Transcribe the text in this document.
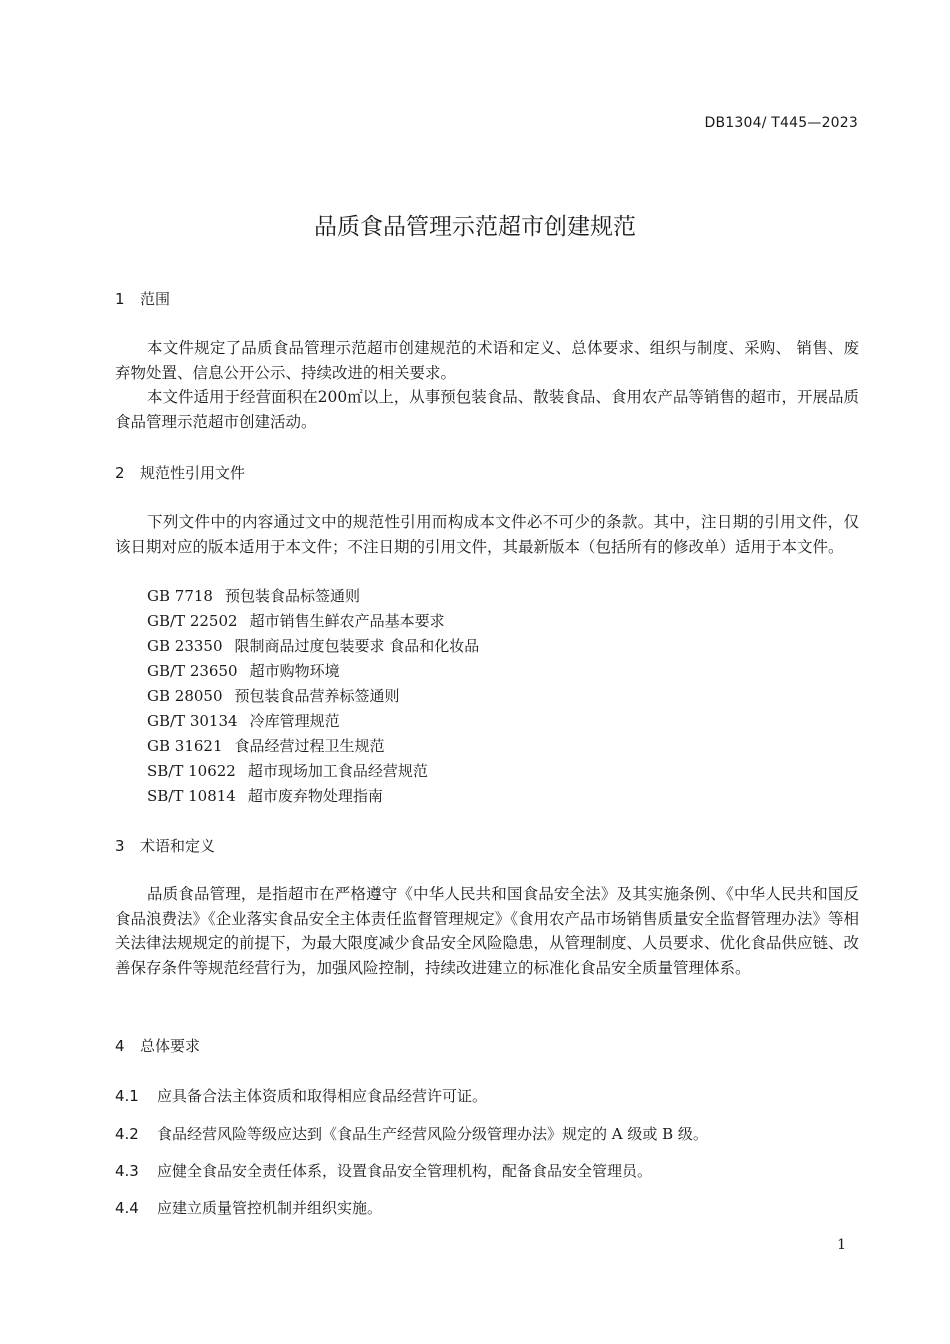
DB1304/ T445—2023
品质食品管理示范超市创建规范
1 范围

本文件规定了品质食品管理示范超市创建规范的术语和定义、总体要求、组织与制度、采购、 销售、废弃物处置、信息公开公示、持续改进的相关要求。

本文件适用于经营面积在200㎡以上，从事预包装食品、散装食品、食用农产品等销售的超市，开展品质食品管理示范超市创建活动。

2 规范性引用文件

下列文件中的内容通过文中的规范性引用而构成本文件必不可少的条款。其中，注日期的引用文件，仅该日期对应的版本适用于本文件；不注日期的引用文件，其最新版本（包括所有的修改单）适用于本文件。

GB 7718 预包装食品标签通则
GB/T 22502 超市销售生鲜农产品基本要求
GB 23350 限制商品过度包装要求 食品和化妆品
GB/T 23650 超市购物环境
GB 28050 预包装食品营养标签通则
GB/T 30134 冷库管理规范
GB 31621 食品经营过程卫生规范
SB/T 10622 超市现场加工食品经营规范
SB/T 10814 超市废弃物处理指南
3 术语和定义

品质食品管理，是指超市在严格遵守《中华人民共和国食品安全法》及其实施条例、《中华人民共和国反食品浪费法》《企业落实食品安全主体责任监督管理规定》《食用农产品市场销售质量安全监督管理办法》等相关法律法规规定的前提下，为最大限度减少食品安全风险隐患，从管理制度、人员要求、优化食品供应链、改善保存条件等规范经营行为，加强风险控制，持续改进建立的标准化食品安全质量管理体系。

4 总体要求
4.1 应具备合法主体资质和取得相应食品经营许可证。
4.2 食品经营风险等级应达到《食品生产经营风险分级管理办法》规定的 A 级或 B 级。
4.3 应健全食品安全责任体系，设置食品安全管理机构，配备食品安全管理员。
4.4 应建立质量管控机制并组织实施。
1
